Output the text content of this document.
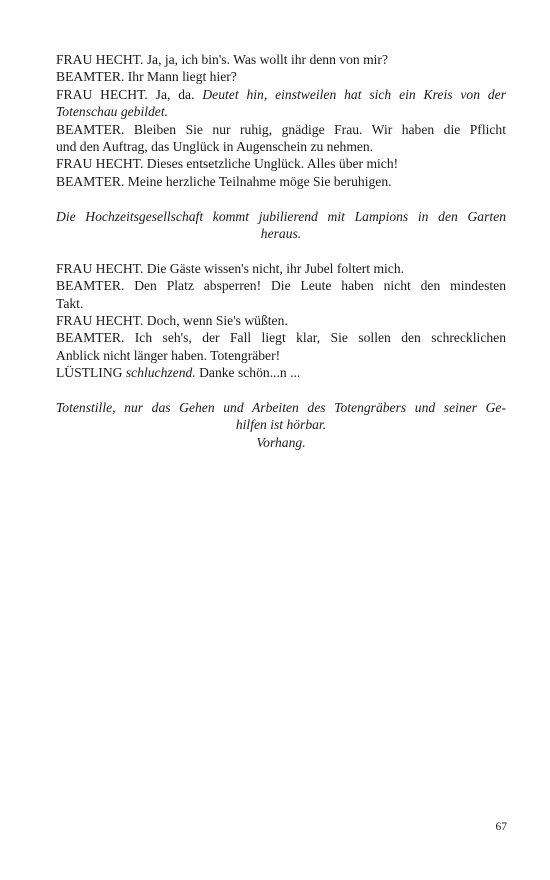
FRAU HECHT. Ja, ja, ich bin's. Was wollt ihr denn von mir?
BEAMTER. Ihr Mann liegt hier?
FRAU HECHT. Ja, da. Deutet hin, einstweilen hat sich ein Kreis von der
Totenschau gebildet.
BEAMTER. Bleiben Sie nur ruhig, gnädige Frau. Wir haben die Pflicht
und den Auftrag, das Unglück in Augenschein zu nehmen.
FRAU HECHT. Dieses entsetzliche Unglück. Alles über mich!
BEAMTER. Meine herzliche Teilnahme möge Sie beruhigen.
Die Hochzeitsgesellschaft kommt jubilierend mit Lampions in den Garten
heraus.
FRAU HECHT. Die Gäste wissen's nicht, ihr Jubel foltert mich.
BEAMTER. Den Platz absperren! Die Leute haben nicht den mindesten
Takt.
FRAU HECHT. Doch, wenn Sie's wüßten.
BEAMTER. Ich seh's, der Fall liegt klar, Sie sollen den schrecklichen
Anblick nicht länger haben. Totengräber!
LÜSTLING schluchzend. Danke schön...n ...
Totenstille, nur das Gehen und Arbeiten des Totengräbers und seiner Ge-
hilfen ist hörbar.
Vorhang.
67
